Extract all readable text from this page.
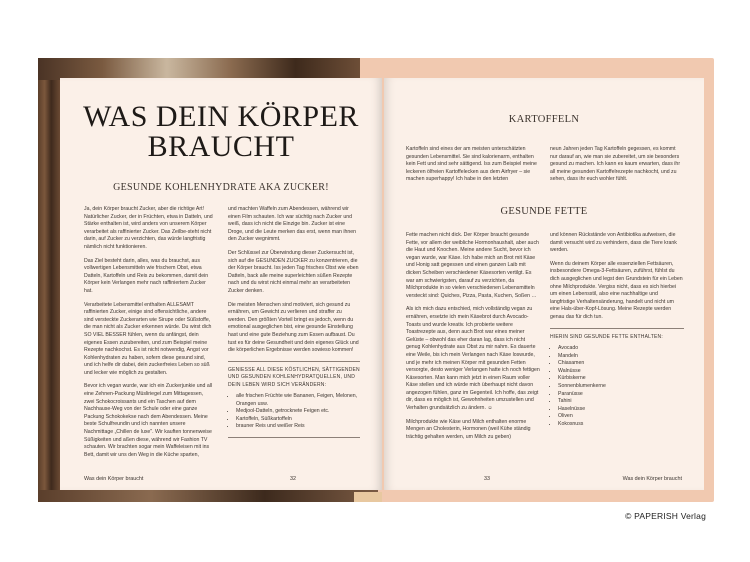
WAS DEIN KÖRPER
BRAUCHT
GESUNDE KOHLENHYDRATE AKA ZUCKER!

Ja, dein Körper braucht Zucker, aber die richtige Art! Natürlicher Zucker, der in Früchten, etwa in Datteln, und Stärke enthalten ist, wird anders von unserem Körper verarbeitet als raffinierter Zucker. Das Zeilbe-steht nicht darin, auf Zucker zu verzichten, das würde langfristig nämlich nicht funktionieren.

Das Ziel besteht darin, alles, was du brauchst, aus vollwertigen Lebensmitteln wie frischem Obst, etwa Datteln, Kartoffeln und Reis zu bekommen, damit dein Körper kein Verlangen mehr nach raffiniertem Zucker hat.

Verarbeitete Lebensmittel enthalten ALLESAMT raffinierten Zucker, einige sind offensichtliche, andere sind versteckte Zuckerarten wie Sirupe oder Süßstoffe, die man nicht als Zucker erkennen würde. Du wirst dich SO VIEL BESSER fühlen, wenn du anfängst, dein eigenes Essen zuzubereiten, und zum Beispiel meine Rezepte nachkochst. Es ist nicht notwendig, Angst vor Kohlenhydraten zu haben, sofern diese gesund sind, und ich helfe dir dabei, dein zuckerfreies Leben so süß und lecker wie möglich zu gestalten.

Bevor ich vegan wurde, war ich ein Zuckerjunkie und all eine Zehnen-Packung Müsliriegel zum Mittagessen, zwei Schokocroissants und ein Taschen auf dem Nachhause-Weg von der Schule oder eine ganze Packung Schokokekse nach dem Abendessen. Meine beste Schulfreundin und ich nannten unsere Nachmittage „Chillen de luxe". Wir kauften tonnenweise Süßigkeiten und aßen diese, während wir Fashion TV schauten. Wir brachten sogar mein Waffeleisen mit ins Bett, damit wir uns den Weg in die Küche sparten,

und machten Waffeln zum Abendessen, während wir einen Film schauten. Ich war süchtig nach Zucker und weiß, dass ich nicht die Einzige bin. Zucker ist eine Droge, und die Leute merken das erst, wenn man ihnen den Zucker wegnimmt.

Der Schlüssel zur Überwindung dieser Zuckersucht ist, sich auf die GESUNDEN ZUCKER zu konzentrieren, die der Körper braucht. Iss jeden Tag frisches Obst wie eben Datteln, back alle meine superleichten süßen Rezepte nach und du wirst nicht einmal mehr an verarbeiteten Zucker denken.

Die meisten Menschen sind motiviert, sich gesund zu ernähren, um Gewicht zu verlieren und straffer zu werden. Den größten Vorteil bringt es jedoch, wenn du emotional ausgeglichen bist, eine gesunde Einstellung hast und eine gute Beziehung zum Essen aufbaust. Du tust es für deine Gesundheit und dein eigenes Glück und die körperlichen Ergebnisse werden sowieso kommen!

GENIESSE ALL DIESE KÖSTLICHEN, SÄTTIGENDEN UND GESUNDEN KOHLENHYDRATQUELLEN, UND DEIN LEBEN WIRD SICH VERÄNDERN:
• alle frischen Früchte wie Bananen, Feigen, Melonen, Orangen usw.
• Medjool-Datteln, getrocknete Feigen etc.
• Kartoffeln, Süßkartoffeln
• brauner Reis und weißer Reis
Was dein Körper braucht	32
KARTOFFELN

Kartoffeln sind eines der am meisten unterschätzten gesunden Lebensmittel. Sie sind kalorienarm, enthalten kein Fett und sind sehr sättigend. Iss zum Beispiel meine leckeren ölfreien Kartoffelecken aus dem Airfryer – sie machen superhappy! Ich habe in den letzten

neun Jahren jeden Tag Kartoffeln gegessen, es kommt nur darauf an, wie man sie zubereitet, um sie besonders gesund zu machen. Ich kann es kaum erwarten, dass ihr all meine gesunden Kartoffelrezepte nachkocht, und zu sehen, dass ihr euch wohler fühlt.

GESUNDE FETTE

Fette machen nicht dick. Der Körper braucht gesunde Fette, vor allem der weibliche Hormonhaushalt, aber auch die Haut und Knochen. Meine andere Sucht, bevor ich vegan wurde, war Käse. Ich habe mich an Brot mit Käse und Honig satt gegessen und einen ganzen Laib mit dicken Scheiben verschiedener Käsesorten vertilgt. Es war am schwierigsten, darauf zu verzichten, da Milchprodukte in so vielen verschiedenen Lebensmitteln versteckt sind: Quiches, Pizza, Pasta, Kuchen, Soßen …

Als ich mich dazu entschied, mich vollständig vegan zu ernähren, ersetzte ich mein Käsebrot durch Avocado-Toasts und wurde kreativ. Ich probierte weitere Toastrezepte aus, denn auch Brot war eines meiner Gelüste – obwohl das eher daran lag, dass ich nicht genug Kohlenhydrate aus Obst zu mir nahm. Es dauerte eine Weile, bis ich mein Verlangen nach Käse loswurde, und je mehr ich meinen Körper mit gesunden Fetten versorgte, desto weniger Verlangen hatte ich noch fettigen Käsesorten. Man kann mich jetzt in einen Raum voller Käse stellen und ich würde mich überhaupt nicht davon angezogen fühlen, ganz im Gegenteil. Ich hoffe, das zeigt dir, dass es möglich ist, Gewohnheiten umzustellen und Verhalten grundsätzlich zu ändern. ☺

Milchprodukte wie Käse und Milch enthalten enorme Mengen an Cholesterin, Hormonen (weil Kühe ständig trächtig gehalten werden, um Milch zu geben)

und können Rückstände von Antibiotika aufweisen, die damit versucht wird zu verhindern, dass die Tiere krank werden.

Wenn du deinem Körper alle essenziellen Fettsäuren, insbesondere Omega-3-Fettsäuren, zuführst, fühlst du dich ausgeglichen und legst den Grundstein für ein Leben ohne Milchprodukte. Vergiss nicht, dass es sich hierbei um einen Lebensstil, also eine nachhaltige und langfristige Verhaltensänderung, handelt und nicht um eine Hals-über-Kopf-Lösung. Meine Rezepte werden genau das für dich tun.

HIERIN SIND GESUNDE FETTE ENTHALTEN:
• Avocado
• Mandeln
• Chiasamen
• Walnüsse
• Kürbiskerne
• Sonnenblumenkerne
• Paranüsse
• Tahini
• Haselnüsse
• Oliven
• Kokosnuss
33	Was dein Körper braucht
© PAPERISH Verlag
